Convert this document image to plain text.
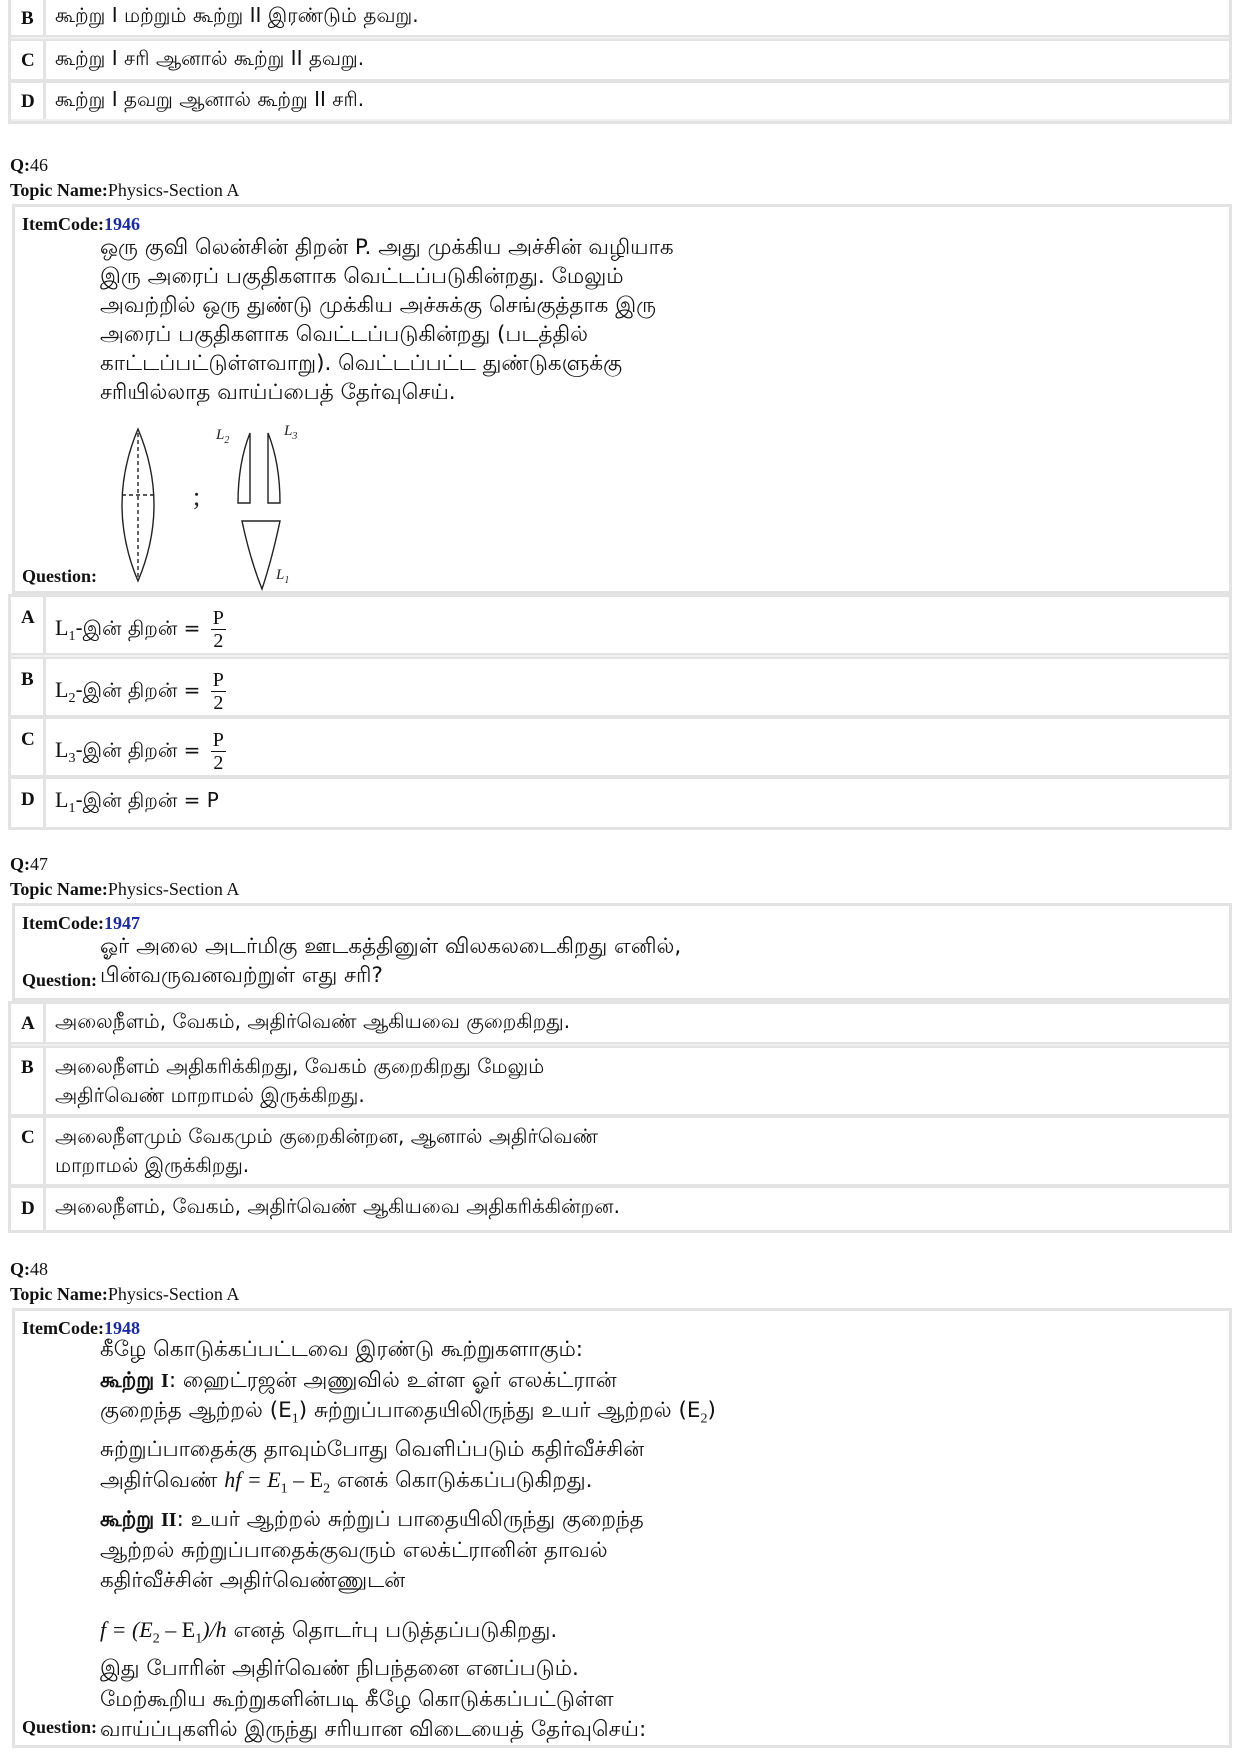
B கூற்று I மற்றும் கூற்று II இரண்டும் தவறு.
C கூற்று I சரி ஆனால் கூற்று II தவறு.
D கூற்று I தவறு ஆனால் கூற்று II சரி.
Q:46
Topic Name:Physics-Section A
ItemCode:1946
ஒரு குவி லென்சின் திறன் P. அது முக்கிய அச்சின் வழியாக
இரு அரைப் பகுதிகளாக வெட்டப்படுகின்றது. மேலும்
அவற்றில் ஒரு துண்டு முக்கிய அச்சுக்கு செங்குத்தாக இரு
அரைப் பகுதிகளாக வெட்டப்படுகின்றது (படத்தில்
காட்டப்பட்டுள்ளவாறு). வெட்டப்பட்ட துண்டுகளுக்கு
சரியில்லாத வாய்ப்பைத் தேர்வுசெய்.
;
$L_2$
$L_3$
$L_1$
Question:
A $L_1-இன்$ திறன் = $\frac{P}{2}$
B $L_2-இன்$ திறன் = $\frac{P}{2}$
C $L_3-இன்$ திறன் = $\frac{P}{2}$
D $L_1-இன்$ திறன் = P
Q:47
Topic Name:Physics-Section A
ItemCode:1947
ஓர் அலை அடர்மிகு ஊடகத்தினுள் விலகலடைகிறது எனில்,
பின்வருவனவற்றுள் எது சரி?
Question:
A அலைநீளம், வேகம், அதிர்வெண் ஆகியவை குறைகிறது.
B அலைநீளம் அதிகரிக்கிறது, வேகம் குறைகிறது மேலும்
அதிர்வெண் மாறாமல் இருக்கிறது.
C அலைநீளமும் வேகமும் குறைகின்றன, ஆனால் அதிர்வெண்
மாறாமல் இருக்கிறது.
D அலைநீளம், வேகம், அதிர்வெண் ஆகியவை அதிகரிக்கின்றன.
Q:48
Topic Name:Physics-Section A
ItemCode:1948
கீழே கொடுக்கப்பட்டவை இரண்டு கூற்றுகளாகும்:
கூற்று I: ஹைட்ரஜன் அணுவில் உள்ள ஓர் எலக்ட்ரான்
குறைந்த ஆற்றல் $(E_1)$ சுற்றுப்பாதையிலிருந்து உயர் ஆற்றல் $(E_2)$
சுற்றுப்பாதைக்கு தாவும்போது வெளிப்படும் கதிர்வீச்சின்
அதிர்வெண் hf = $E_1 - E_2$ எனக் கொடுக்கப்படுகிறது.
கூற்று II: உயர் ஆற்றல் சுற்றுப் பாதையிலிருந்து குறைந்த
ஆற்றல் சுற்றுப்பாதைக்குவரும் எலக்ட்ரானின் தாவல்
கதிர்வீச்சின் அதிர்வெண்ணுடன்
$f = (E_2 - E_1)/h$ எனத் தொடர்பு படுத்தப்படுகிறது.
இது போரின் அதிர்வெண் நிபந்தனை எனப்படும்.
மேற்கூறிய கூற்றுகளின்படி கீழே கொடுக்கப்பட்டுள்ள
வாய்ப்புகளில் இருந்து சரியான விடையைத் தேர்வுசெய்:
Question:
